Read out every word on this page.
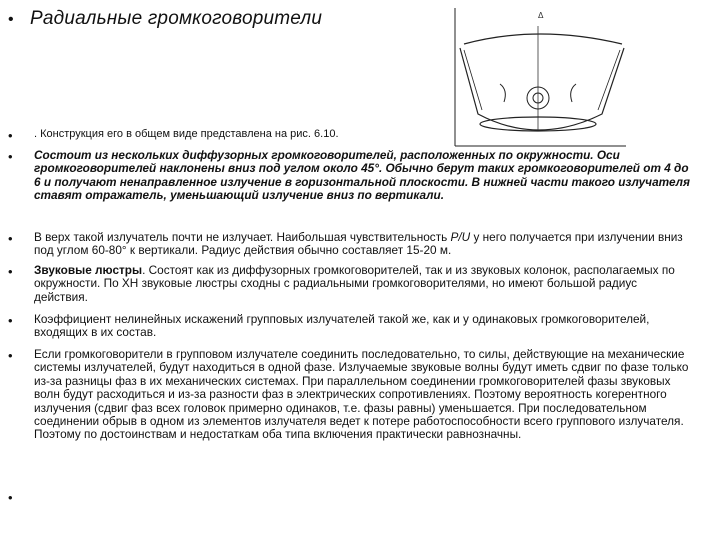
• Радиальные громкоговорители	Δ
•	. Конструкция его в общем виде представлена на рис. 6.10.
•	Состоит из нескольких диффузорных громкоговорителей, расположенных по окружности. Оси громкоговорителей наклонены вниз под углом около 45°. Обычно берут таких громкоговорителей от 4 до 6 и получают ненаправленное излучение в горизонтальной плоскости. В нижней части такого излучателя ставят отражатель, уменьшающий излучение вниз по вертикали.
•	В верх такой излучатель почти не излучает. Наибольшая чувствительность P/U у него получается при излучении вниз под углом 60-80° к вертикали. Радиус действия обычно составляет 15-20 м.
•	Звуковые люстры. Состоят как из диффузорных громкоговорителей, так и из звуковых колонок, располагаемых по окружности. По ХН звуковые люстры сходны с радиальными громкоговорителями, но имеют большой радиус действия.
•	Коэффициент нелинейных искажений групповых излучателей такой же, как и у одинаковых громкоговорителей, входящих в их состав.
•	Если громкоговорители в групповом излучателе соединить последовательно, то силы, действующие на механические системы излучателей, будут находиться в одной фазе. Излучаемые звуковые волны будут иметь сдвиг по фазе только из-за разницы фаз в их механических системах. При параллельном соединении громкоговорителей фазы звуковых волн будут расходиться и из-за разности фаз в электрических сопротивлениях. Поэтому вероятность когерентного излучения (сдвиг фаз всех головок примерно одинаков, т.е. фазы равны) уменьшается. При последовательном соединении обрыв в одном из элементов излучателя ведет к потере работоспособности всего группового излучателя. Поэтому по достоинствам и недостаткам оба типа включения практически равнозначны.
•
